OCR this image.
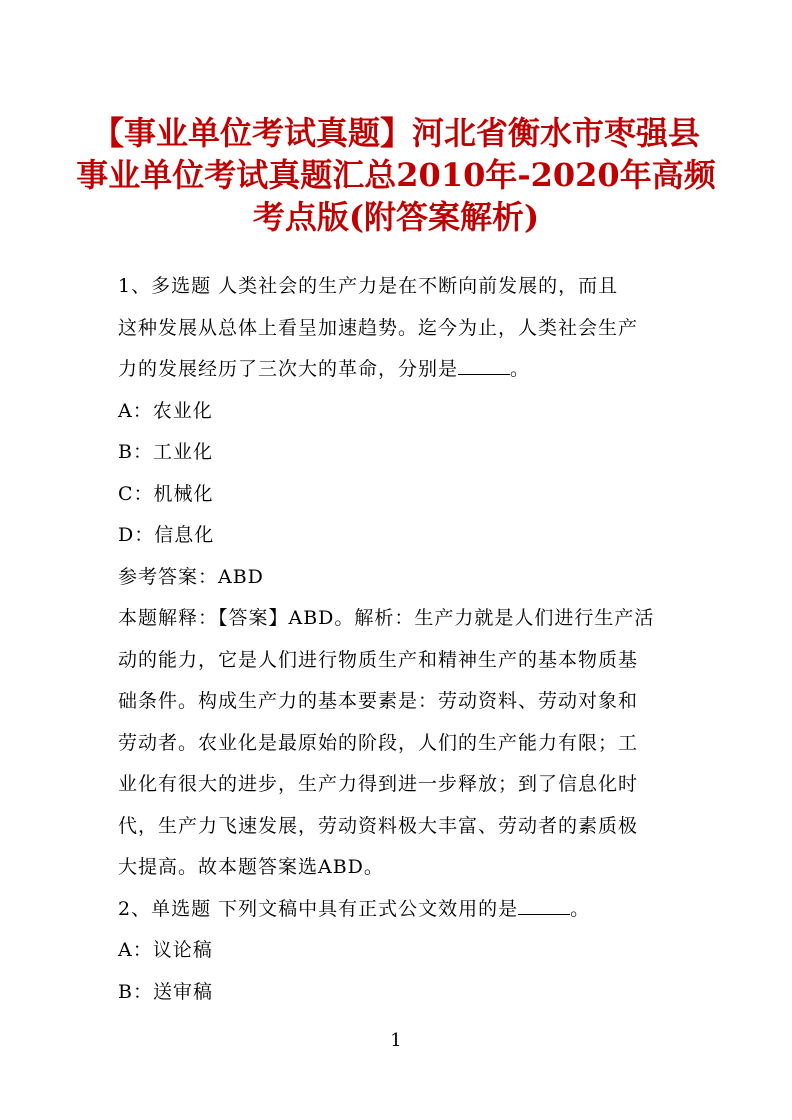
【事业单位考试真题】河北省衡水市枣强县
事业单位考试真题汇总2010年-2020年高频
考点版(附答案解析)

1、多选题 人类社会的生产力是在不断向前发展的，而且

这种发展从总体上看呈加速趋势。迄今为止，人类社会生产

力的发展经历了三次大的革命，分别是	。

A：农业化

B：工业化

C：机械化

D：信息化

参考答案：ABD

本题解释：【答案】ABD。解析：生产力就是人们进行生产活

动的能力，它是人们进行物质生产和精神生产的基本物质基

础条件。构成生产力的基本要素是：劳动资料、劳动对象和

劳动者。农业化是最原始的阶段，人们的生产能力有限；工

业化有很大的进步，生产力得到进一步释放；到了信息化时

代，生产力飞速发展，劳动资料极大丰富、劳动者的素质极

大提高。故本题答案选ABD。

2、单选题 下列文稿中具有正式公文效用的是	。

A：议论稿

B：送审稿

1
